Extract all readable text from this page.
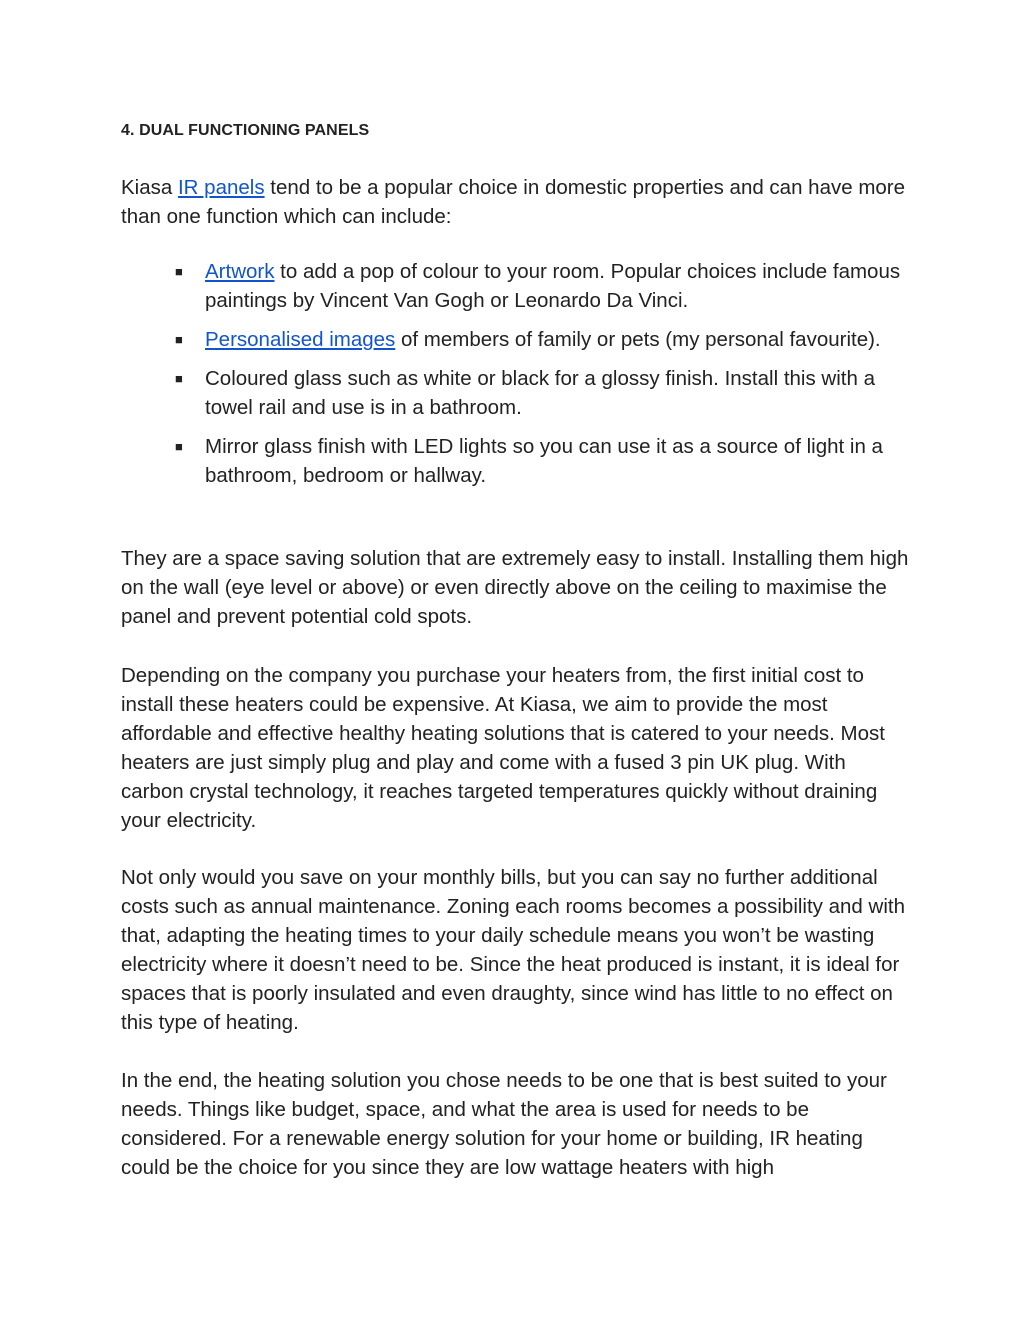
4. DUAL FUNCTIONING PANELS

Kiasa IR panels tend to be a popular choice in domestic properties and can have more than one function which can include:

■ Artwork to add a pop of colour to your room. Popular choices include famous paintings by Vincent Van Gogh or Leonardo Da Vinci.
■ Personalised images of members of family or pets (my personal favourite).
■ Coloured glass such as white or black for a glossy finish. Install this with a towel rail and use is in a bathroom.
■ Mirror glass finish with LED lights so you can use it as a source of light in a bathroom, bedroom or hallway.

They are a space saving solution that are extremely easy to install. Installing them high on the wall (eye level or above) or even directly above on the ceiling to maximise the panel and prevent potential cold spots.

Depending on the company you purchase your heaters from, the first initial cost to install these heaters could be expensive. At Kiasa, we aim to provide the most affordable and effective healthy heating solutions that is catered to your needs. Most heaters are just simply plug and play and come with a fused 3 pin UK plug. With carbon crystal technology, it reaches targeted temperatures quickly without draining your electricity.

Not only would you save on your monthly bills, but you can say no further additional costs such as annual maintenance. Zoning each rooms becomes a possibility and with that, adapting the heating times to your daily schedule means you won’t be wasting electricity where it doesn’t need to be. Since the heat produced is instant, it is ideal for spaces that is poorly insulated and even draughty, since wind has little to no effect on this type of heating.

In the end, the heating solution you chose needs to be one that is best suited to your needs. Things like budget, space, and what the area is used for needs to be considered. For a renewable energy solution for your home or building, IR heating could be the choice for you since they are low wattage heaters with high
